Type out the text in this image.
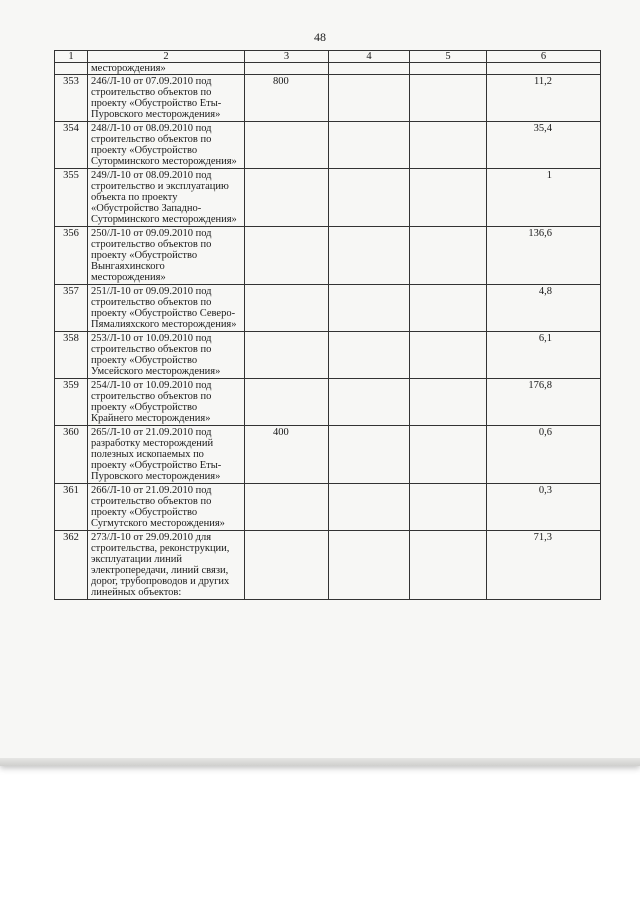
48
1	2	3	4	5	6
	месторождения»				
353	246/Л-10 от 07.09.2010 под строительство объектов по проекту «Обустройство Еты-Пуровского месторождения»	800			11,2
354	248/Л-10 от 08.09.2010 под строительство объектов по проекту «Обустройство Суторминского месторождения»				35,4
355	249/Л-10 от 08.09.2010 под строительство и эксплуатацию объекта по проекту «Обустройство Западно-Суторминского месторождения»				1
356	250/Л-10 от 09.09.2010 под строительство объектов по проекту «Обустройство Вынгаяхинского месторождения»				136,6
357	251/Л-10 от 09.09.2010 под строительство объектов по проекту «Обустройство Северо-Пямалияхского месторождения»				4,8
358	253/Л-10 от 10.09.2010 под строительство объектов по проекту «Обустройство Умсейского месторождения»				6,1
359	254/Л-10 от 10.09.2010 под строительство объектов по проекту «Обустройство Крайнего месторождения»				176,8
360	265/Л-10 от 21.09.2010 под разработку месторождений полезных ископаемых по проекту «Обустройство Еты-Пуровского месторождения»	400			0,6
361	266/Л-10 от 21.09.2010 под строительство объектов по проекту «Обустройство Сугмутского месторождения»				0,3
362	273/Л-10 от 29.09.2010 для строительства, реконструкции, эксплуатации линий электропередачи, линий связи, дорог, трубопроводов и других линейных объектов:				71,3
